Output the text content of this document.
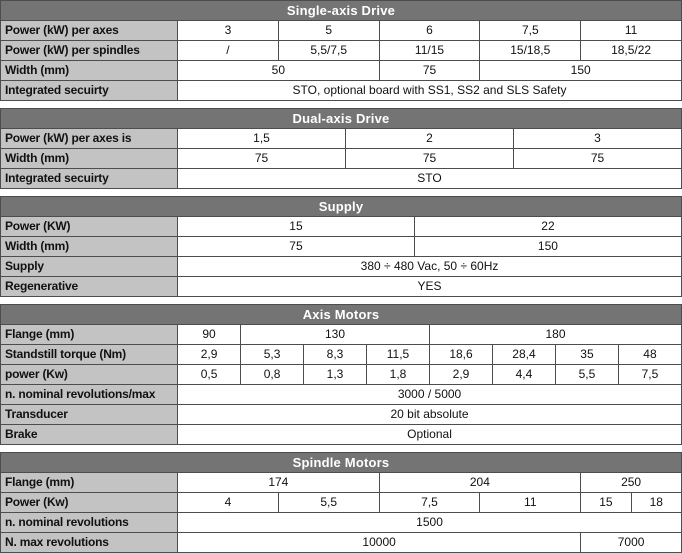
Single-axis Drive					
Power (kW) per axes	3	5	6	7,5	11
Power (kW) per spindles	/	5,5/7,5	11/15	15/18,5	18,5/22
Width (mm)	50		75	150	
Integrated secuirty	STO, optional board with SS1, SS2 and SLS Safety				
Dual-axis Drive			
Power (kW) per axes is	1,5	2	3
Width (mm)	75	75	75
Integrated secuirty	STO		
Supply		
Power (KW)	15	22
Width (mm)	75	150
Supply	380 ÷ 480 Vac, 50 ÷ 60Hz	
Regenerative	YES	
Axis Motors								
Flange (mm)	90	130			180			
Standstill torque (Nm)	2,9	5,3	8,3	11,5	18,6	28,4	35	48
power (Kw)	0,5	0,8	1,3	1,8	2,9	4,4	5,5	7,5
n. nominal revolutions/max	3000 / 5000							
Transducer	20 bit absolute							
Brake	Optional							
Spindle Motors						
Flange (mm)	174		204		250	
Power (Kw)	4	5,5	7,5	11	15	18
n. nominal revolutions	1500					
N. max revolutions	10000				7000	
